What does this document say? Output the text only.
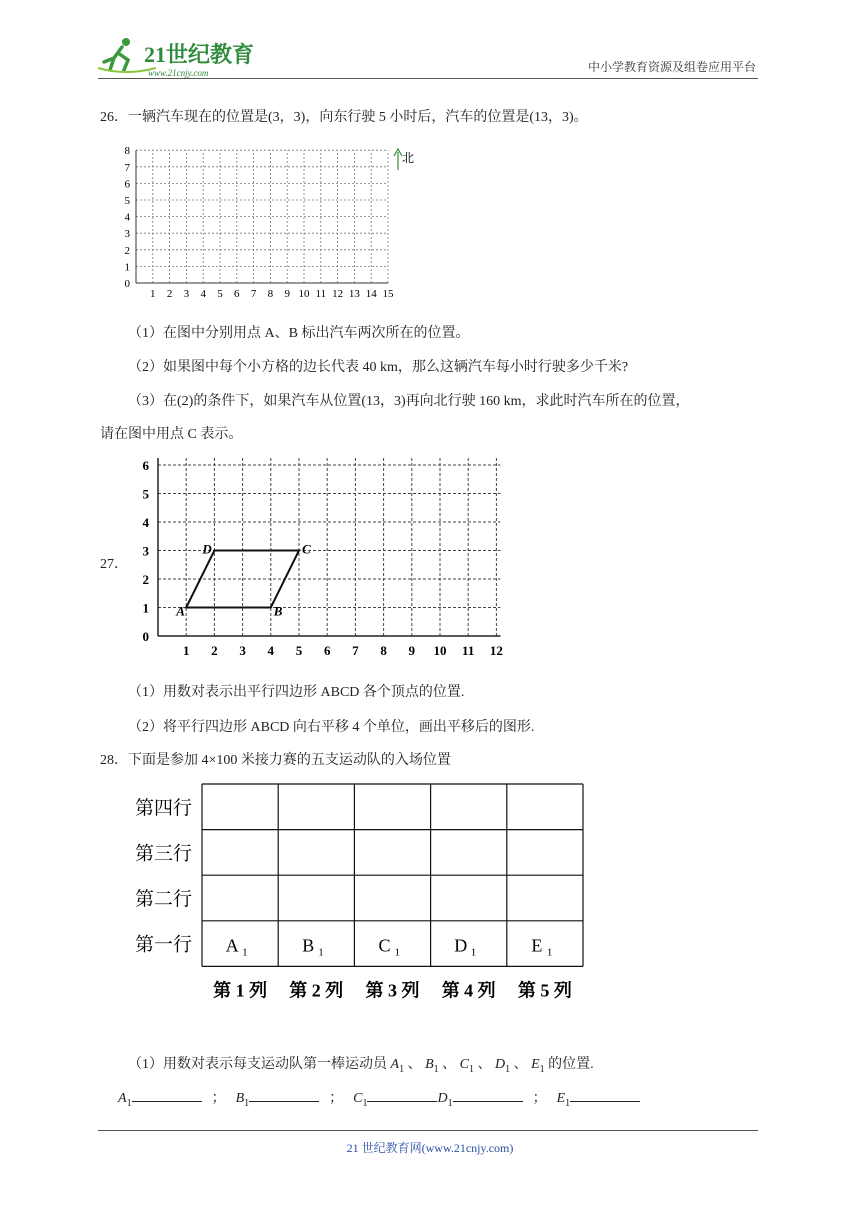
21世纪教育
www.21cnjy.com	中小学教育资源及组卷应用平台
26．一辆汽车现在的位置是(3，3)，向东行驶 5 小时后，汽车的位置是(13，3)。
1 2 3 4 5 6 7 8 9 10 11 12 13 14 15
0
1
2
3
4
5
6
7
8	北
（1）在图中分别用点 A、B 标出汽车两次所在的位置。
（2）如果图中每个小方格的边长代表 40 km，那么这辆汽车每小时行驶多少千米?
（3）在(2)的条件下，如果汽车从位置(13，3)再向北行驶 160 km，求此时汽车所在的位置，
请在图中用点 C 表示。
27．
1 2 3 4 5 6 7 8 9 10 11 12
0
1
2
3
4
5
6
A	B
C
D
（1）用数对表示出平行四边形 ABCD 各个顶点的位置.
（2）将平行四边形 ABCD 向右平移 4 个单位，画出平移后的图形.
28．下面是参加 4×100 米接力赛的五支运动队的入场位置
第四行
第三行
第二行
第一行
第 1 列 第 2 列 第 3 列 第 4 列 第 5 列
A 1	B 1	C 1	D 1	E 1
（1）用数对表示每支运动队第一棒运动员 $A_1$ 、 $B_1$ 、 $C_1$ 、 $D_1$ 、 $E_1$ 的位置.
$A_1$	； $B_1$	； $C_1$	$D_1$	； $E_1$
21 世纪教育网(www.21cnjy.com)
